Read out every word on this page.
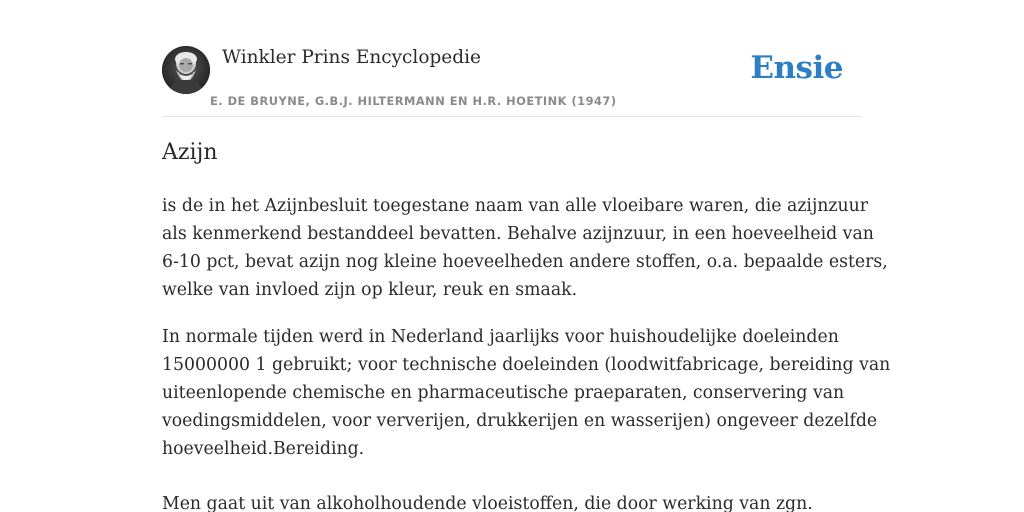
Winkler Prins Encyclopedie
E. DE BRUYNE, G.B.J. HILTERMANN EN H.R. HOETINK (1947)
Ensie
Azijn

is de in het Azijnbesluit toegestane naam van alle vloeibare waren, die azijnzuur
als kenmerkend bestanddeel bevatten. Behalve azijnzuur, in een hoeveelheid van
6-10 pct, bevat azijn nog kleine hoeveelheden andere stoffen, o.a. bepaalde esters,
welke van invloed zijn op kleur, reuk en smaak.

In normale tijden werd in Nederland jaarlijks voor huishoudelijke doeleinden
15000000 1 gebruikt; voor technische doeleinden (loodwitfabricage, bereiding van
uiteenlopende chemische en pharmaceutische praeparaten, conservering van
voedingsmiddelen, voor ververijen, drukkerijen en wasserijen) ongeveer dezelfde
hoeveelheid.Bereiding.

Men gaat uit van alkoholhoudende vloeistoffen, die door werking van zgn.
